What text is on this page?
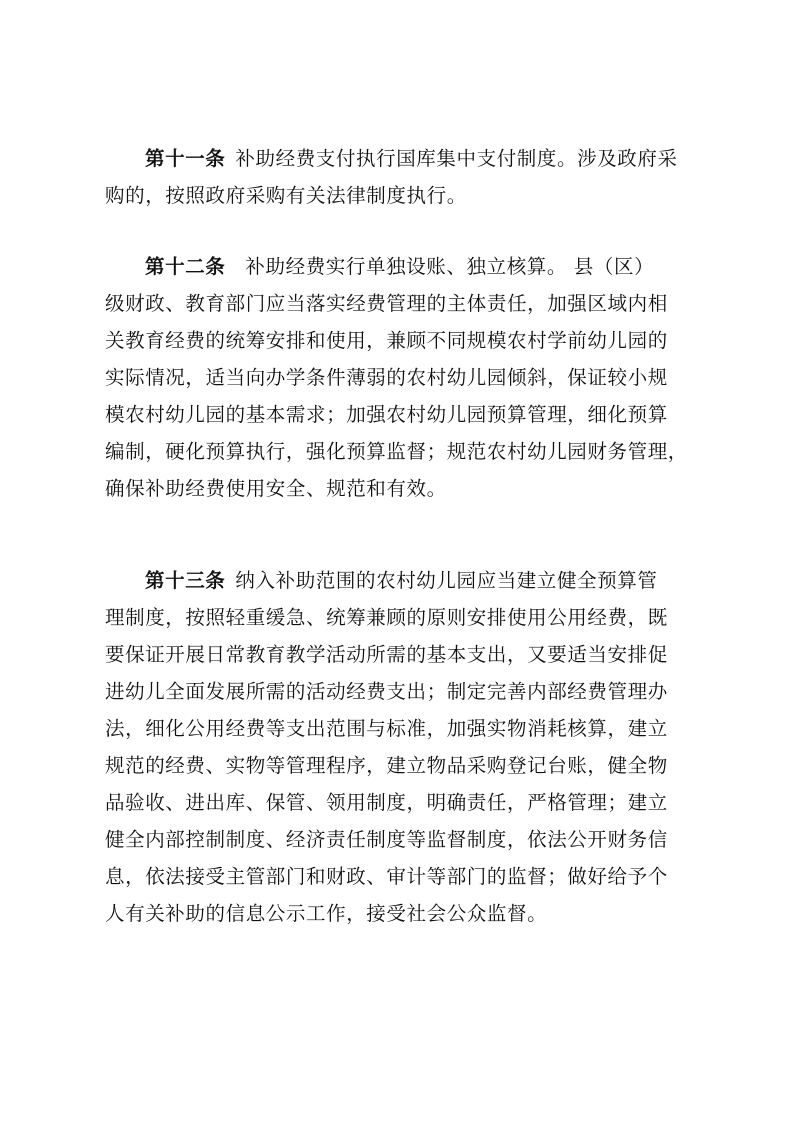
第十一条 补助经费支付执行国库集中支付制度。涉及政府采
购的，按照政府采购有关法律制度执行。
第十二条 补助经费实行单独设账、独立核算。 县（区）
级财政、教育部门应当落实经费管理的主体责任，加强区域内相
关教育经费的统筹安排和使用，兼顾不同规模农村学前幼儿园的
实际情况，适当向办学条件薄弱的农村幼儿园倾斜，保证较小规
模农村幼儿园的基本需求；加强农村幼儿园预算管理，细化预算
编制，硬化预算执行，强化预算监督；规范农村幼儿园财务管理，
确保补助经费使用安全、规范和有效。
第十三条 纳入补助范围的农村幼儿园应当建立健全预算管
理制度，按照轻重缓急、统筹兼顾的原则安排使用公用经费，既
要保证开展日常教育教学活动所需的基本支出，又要适当安排促
进幼儿全面发展所需的活动经费支出；制定完善内部经费管理办
法，细化公用经费等支出范围与标准，加强实物消耗核算，建立
规范的经费、实物等管理程序，建立物品采购登记台账，健全物
品验收、进出库、保管、领用制度，明确责任，严格管理；建立
健全内部控制制度、经济责任制度等监督制度，依法公开财务信
息，依法接受主管部门和财政、审计等部门的监督；做好给予个
人有关补助的信息公示工作，接受社会公众监督。
